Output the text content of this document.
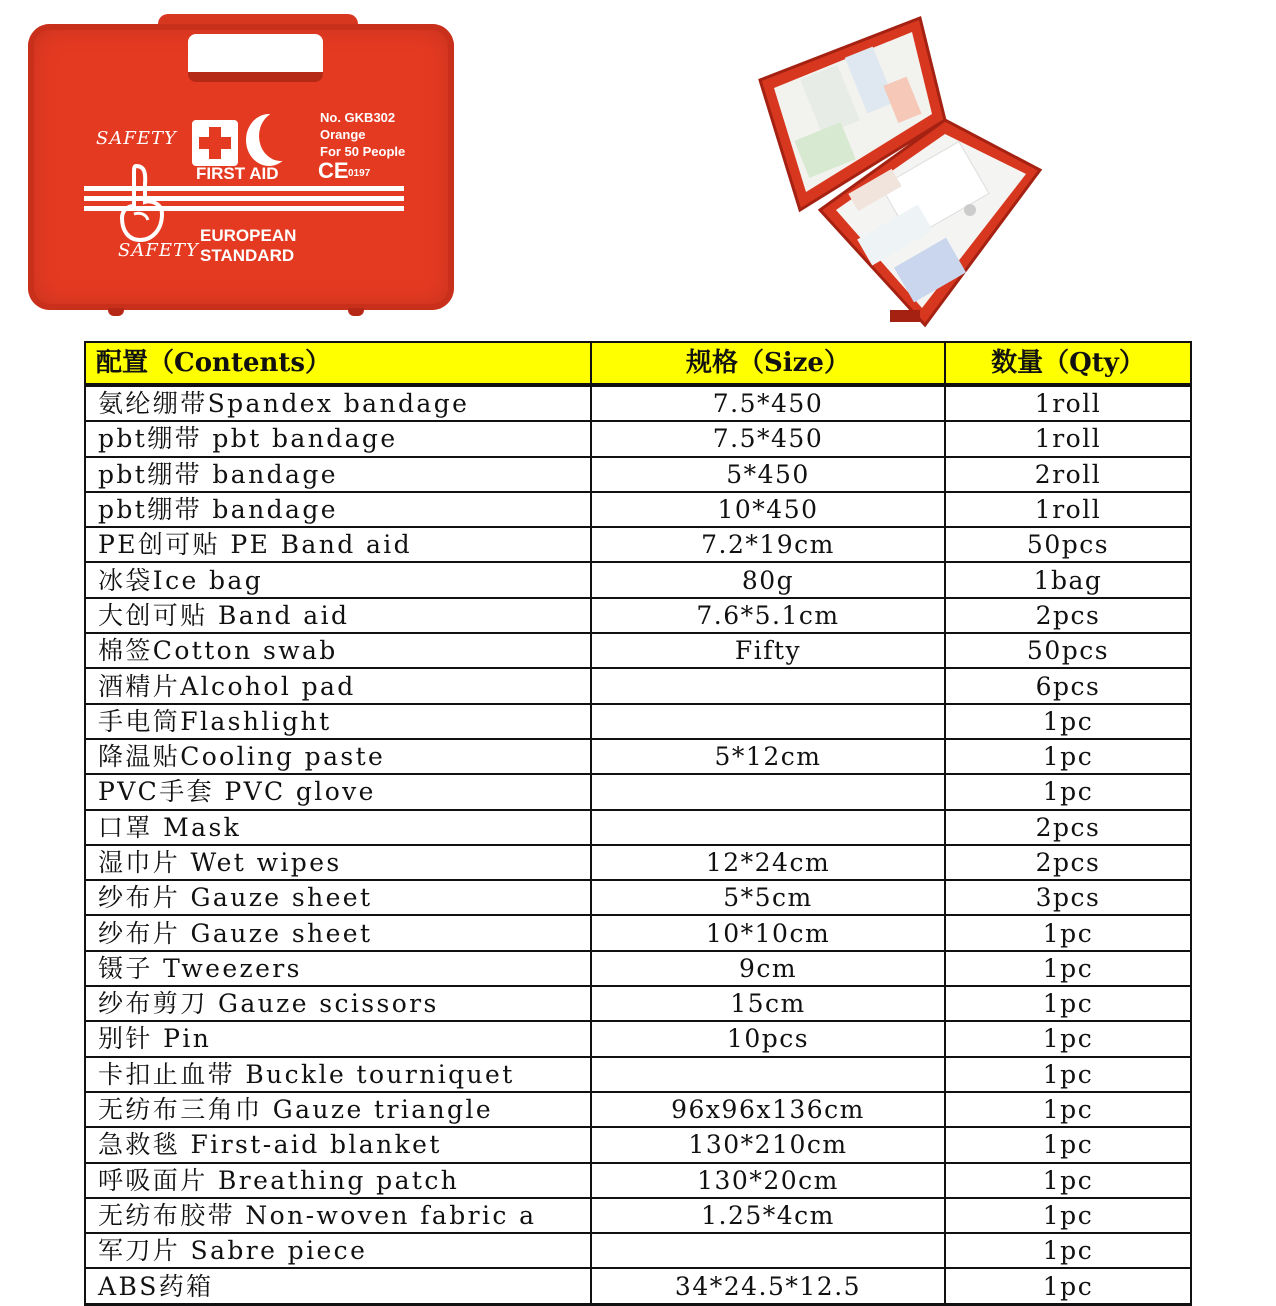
SAFETY
SAFETY
FIRST AID
No. GKB302
Orange
For 50 People
CE 0197
EUROPEAN
STANDARD
配置（Contents）	规格（Size）	数量（Qty）
氨纶绷带Spandex bandage	7.5*450	1roll
pbt绷带 pbt bandage	7.5*450	1roll
pbt绷带 bandage	5*450	2roll
pbt绷带 bandage	10*450	1roll
PE创可贴 PE Band aid	7.2*19cm	50pcs
冰袋Ice bag	80g	1bag
大创可贴 Band aid	7.6*5.1cm	2pcs
棉签Cotton swab	Fifty	50pcs
酒精片Alcohol pad		6pcs
手电筒Flashlight		1pc
降温贴Cooling paste	5*12cm	1pc
PVC手套 PVC glove		1pc
口罩 Mask		2pcs
湿巾片 Wet wipes	12*24cm	2pcs
纱布片 Gauze sheet	5*5cm	3pcs
纱布片 Gauze sheet	10*10cm	1pc
镊子 Tweezers	9cm	1pc
纱布剪刀 Gauze scissors	15cm	1pc
别针 Pin	10pcs	1pc
卡扣止血带 Buckle tourniquet		1pc
无纺布三角巾 Gauze triangle	96x96x136cm	1pc
急救毯 First-aid blanket	130*210cm	1pc
呼吸面片 Breathing patch	130*20cm	1pc
无纺布胶带 Non-woven fabric a	1.25*4cm	1pc
军刀片 Sabre piece		1pc
ABS药箱	34*24.5*12.5	1pc
